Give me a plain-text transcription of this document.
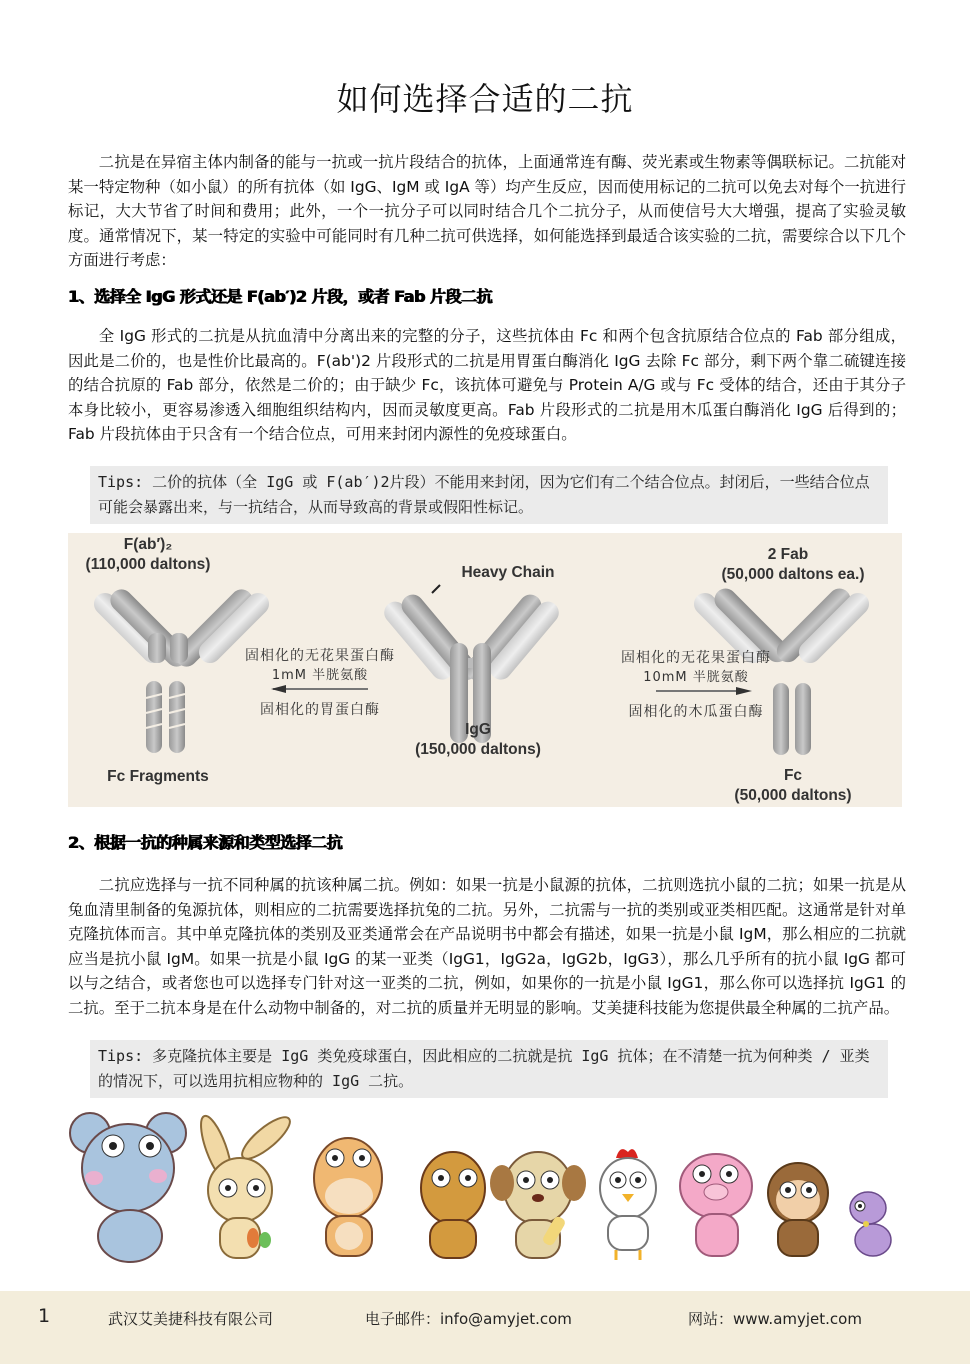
如何选择合适的二抗
二抗是在异宿主体内制备的能与一抗或一抗片段结合的抗体，上面通常连有酶、荧光素或生物素等偶联标记。二抗能对某一特定物种（如小鼠）的所有抗体（如 IgG、IgM 或 IgA 等）均产生反应，因而使用标记的二抗可以免去对每个一抗进行标记，大大节省了时间和费用；此外，一个一抗分子可以同时结合几个二抗分子，从而使信号大大增强，提高了实验灵敏度。通常情况下，某一特定的实验中可能同时有几种二抗可供选择，如何能选择到最适合该实验的二抗，需要综合以下几个方面进行考虑：
1、选择全 IgG 形式还是 F(ab′)2 片段，或者 Fab 片段二抗
全 IgG 形式的二抗是从抗血清中分离出来的完整的分子，这些抗体由 Fc 和两个包含抗原结合位点的 Fab 部分组成，因此是二价的，也是性价比最高的。F(ab')2 片段形式的二抗是用胃蛋白酶消化 IgG 去除 Fc 部分，剩下两个靠二硫键连接的结合抗原的 Fab 部分，依然是二价的；由于缺少 Fc，该抗体可避免与 Protein A/G 或与 Fc 受体的结合，还由于其分子本身比较小，更容易渗透入细胞组织结构内，因而灵敏度更高。Fab 片段形式的二抗是用木瓜蛋白酶消化 IgG 后得到的；Fab 片段抗体由于只含有一个结合位点，可用来封闭内源性的免疫球蛋白。
Tips: 二价的抗体（全 IgG 或 F(ab′)2片段）不能用来封闭，因为它们有二个结合位点。封闭后，一些结合位点可能会暴露出来，与一抗结合，从而导致高的背景或假阳性标记。
F(ab′)₂
(110,000 daltons)
Fc Fragments
Heavy Chain
IgG
(150,000 daltons)
2 Fab
(50,000 daltons ea.)
Fc
(50,000 daltons)
固相化的无花果蛋白酶
1mM 半胱氨酸
固相化的胃蛋白酶
固相化的无花果蛋白酶
10mM 半胱氨酸
固相化的木瓜蛋白酶
2、根据一抗的种属来源和类型选择二抗
二抗应选择与一抗不同种属的抗该种属二抗。例如：如果一抗是小鼠源的抗体，二抗则选抗小鼠的二抗；如果一抗是从兔血清里制备的兔源抗体，则相应的二抗需要选择抗兔的二抗。另外，二抗需与一抗的类别或亚类相匹配。这通常是针对单克隆抗体而言。其中单克隆抗体的类别及亚类通常会在产品说明书中都会有描述，如果一抗是小鼠 IgM，那么相应的二抗就应当是抗小鼠 IgM。如果一抗是小鼠 IgG 的某一亚类（IgG1，IgG2a，IgG2b，IgG3），那么几乎所有的抗小鼠 IgG 都可以与之结合，或者您也可以选择专门针对这一亚类的二抗，例如，如果你的一抗是小鼠 IgG1，那么你可以选择抗 IgG1 的二抗。至于二抗本身是在什么动物中制备的，对二抗的质量并无明显的影响。艾美捷科技能为您提供最全种属的二抗产品。
Tips: 多克隆抗体主要是 IgG 类免疫球蛋白，因此相应的二抗就是抗 IgG 抗体；在不清楚一抗为何种类 / 亚类的情况下，可以选用抗相应物种的 IgG 二抗。
1	武汉艾美捷科技有限公司	电子邮件：info@amyjet.com	网站：www.amyjet.com
